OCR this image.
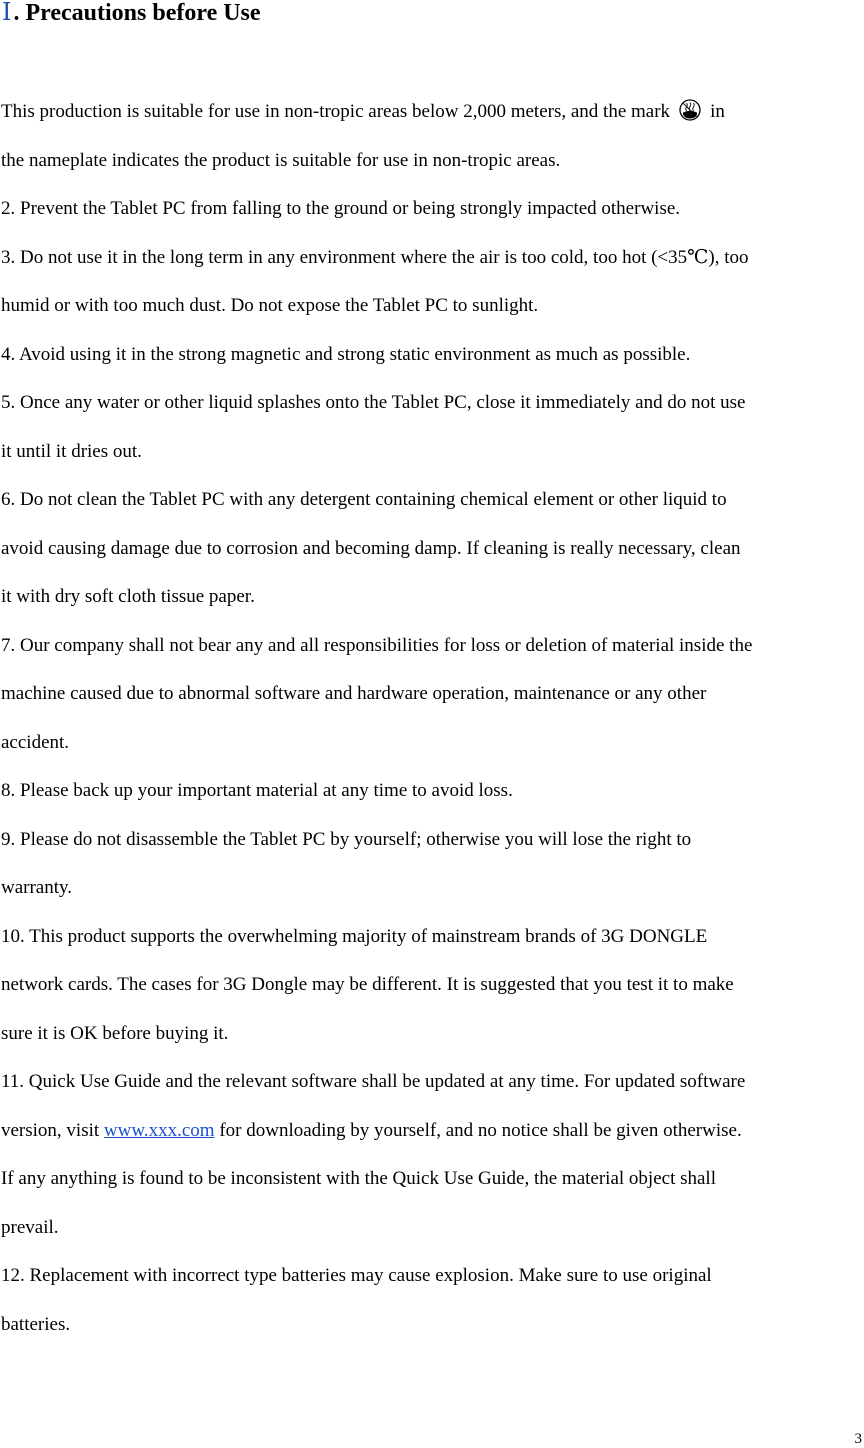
Ⅰ. Precautions before Use
This production is suitable for use in non-tropic areas below 2,000 meters, and the mark in
the nameplate indicates the product is suitable for use in non-tropic areas.
2. Prevent the Tablet PC from falling to the ground or being strongly impacted otherwise.
3. Do not use it in the long term in any environment where the air is too cold, too hot (<35℃), too
humid or with too much dust. Do not expose the Tablet PC to sunlight.
4. Avoid using it in the strong magnetic and strong static environment as much as possible.
5. Once any water or other liquid splashes onto the Tablet PC, close it immediately and do not use
it until it dries out.
6. Do not clean the Tablet PC with any detergent containing chemical element or other liquid to
avoid causing damage due to corrosion and becoming damp. If cleaning is really necessary, clean
it with dry soft cloth tissue paper.
7. Our company shall not bear any and all responsibilities for loss or deletion of material inside the
machine caused due to abnormal software and hardware operation, maintenance or any other
accident.
8. Please back up your important material at any time to avoid loss.
9. Please do not disassemble the Tablet PC by yourself; otherwise you will lose the right to
warranty.
10. This product supports the overwhelming majority of mainstream brands of 3G DONGLE
network cards. The cases for 3G Dongle may be different. It is suggested that you test it to make
sure it is OK before buying it.
11. Quick Use Guide and the relevant software shall be updated at any time. For updated software
version, visit www.xxx.com for downloading by yourself, and no notice shall be given otherwise.
If any anything is found to be inconsistent with the Quick Use Guide, the material object shall
prevail.
12. Replacement with incorrect type batteries may cause explosion. Make sure to use original
batteries.
3
